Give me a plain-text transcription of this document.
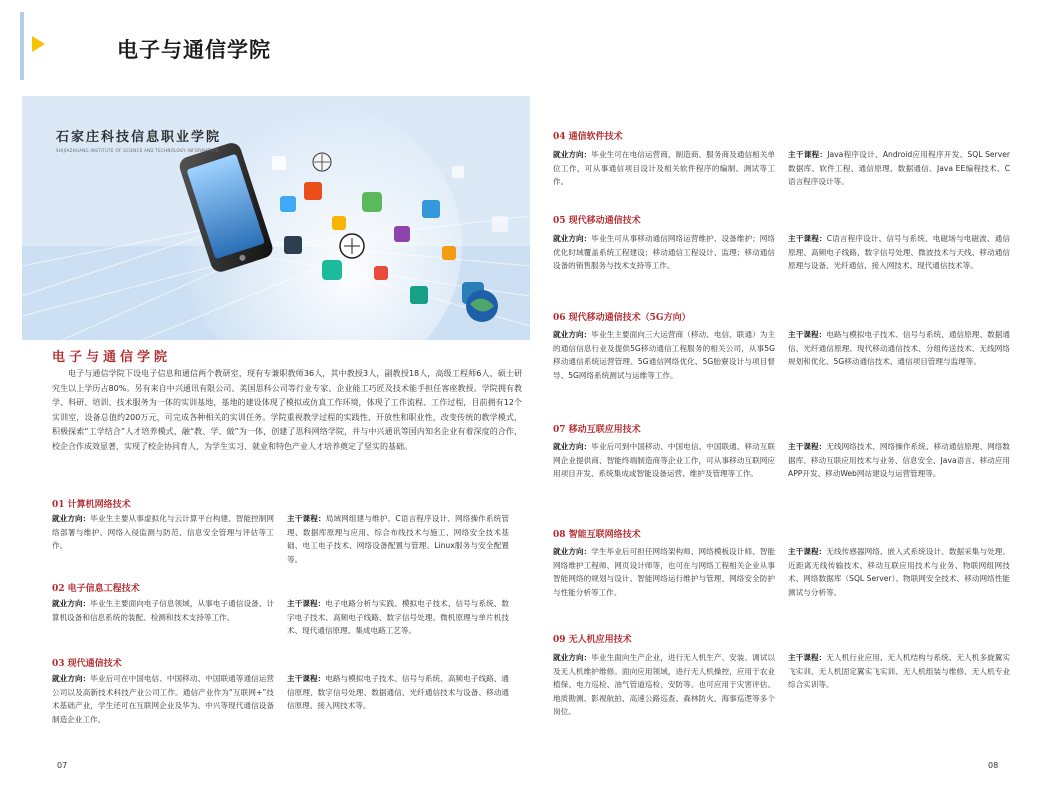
电子与通信学院
石家庄科技信息职业学院
SHIJIAZHUANG INSTITUTE OF SCIENCE AND TECHNOLOGY INFORMATION
电子与通信学院

电子与通信学院下设电子信息和通信两个教研室，现有专兼职教师36人，其中教授3人，副教授18人，高级工程师6人，硕士研究生以上学历占80%。另有来自中兴通讯有限公司、美国思科公司等行业专家、企业能工巧匠及技术能手担任客座教授。学院拥有教学、科研、培训、技术服务为一体的实训基地，基地的建设体现了模拟或仿真工作环境，体现了工作流程、工作过程，目前拥有12个实训室，设备总值约200万元，可完成各种相关的实训任务。学院重视教学过程的实践性、开放性和职业性，改变传统的教学模式，积极探索“工学结合”人才培养模式，融“教、学、做”为一体，创建了思科网络学院，并与中兴通讯等国内知名企业有着深度的合作，校企合作成效显著，实现了校企协同育人，为学生实习、就业和特色产业人才培养奠定了坚实的基础。

01 计算机网络技术
就业方向：毕业生主要从事虚拟化与云计算平台构建、智能控制网络部署与维护、网络入侵监测与防范、信息安全管理与评估等工作。
主干课程：局域网组建与维护、C语言程序设计、网络操作系统管理、数据库原理与应用、综合布线技术与施工、网络安全技术基础、电工电子技术、网络设备配置与管理、Linux服务与安全配置等。
02 电子信息工程技术
就业方向：毕业生主要面向电子信息领域，从事电子通信设备、计算机设备和信息系统的装配、检测和技术支持等工作。
主干课程：电子电路分析与实践、模拟电子技术、信号与系统、数字电子技术、高频电子线路、数字信号处理、微机原理与单片机技术、现代通信原理、集成电路工艺等。
03 现代通信技术
就业方向：毕业后可在中国电信、中国移动、中国联通等通信运营公司以及高新技术科技产业公司工作。通信产业作为“互联网+”技术基础产业，学生还可在互联网企业及华为、中兴等现代通信设备制造企业工作。
主干课程：电路与模拟电子技术、信号与系统、高频电子线路、通信原理、数字信号处理、数据通信、光纤通信技术与设备、移动通信原理、接入网技术等。
04 通信软件技术
就业方向：毕业生可在电信运营商、制造商、服务商及通信相关单位工作，可从事通信项目设计及相关软件程序的编制、测试等工作。
主干课程：Java程序设计、Android应用程序开发、SQL Server数据库、软件工程、通信原理、数据通信、Java EE编程技术、C语言程序设计等。
05 现代移动通信技术
就业方向：毕业生可从事移动通信网络运营维护、设备维护；网络优化时域覆盖系统工程建设；移动通信工程设计、监理；移动通信设备的销售服务与技术支持等工作。
主干课程：C语言程序设计、信号与系统、电磁场与电磁波、通信原理、高频电子线路、数字信号处理、微波技术与天线、移动通信原理与设备、光纤通信、接入网技术、现代通信技术等。
06 现代移动通信技术（5G方向）
就业方向：毕业生主要面向三大运营商（移动、电信、联通）为主的通信信息行业及提供5G移动通信工程服务的相关公司，从事5G移动通信系统运营管理、5G通信网络优化、5G胎寮设计与项目督导、5G网络系统测试与运维等工作。
主干课程：电路与模拟电子技术、信号与系统、通信原理、数据通信、光纤通信原理、现代移动通信技术、分组传送技术、无线网络规划和优化、5G移动通信技术、通信项目管理与监理等。
07 移动互联应用技术
就业方向：毕业后可到中国移动、中国电信、中国联通、移动互联网企业提供商、智能终端制造商等企业工作，可从事移动互联网应用项目开发、系统集成或智能设备运营、维护及管理等工作。
主干课程：无线网络技术、网络操作系统、移动通信原理、网络数据库、移动互联应用技术与业务、信息安全、Java语言、移动应用APP开发、移动Web网站建设与运营管理等。
08 智能互联网络技术
就业方向：学生毕业后可担任网络架构师、网络模板设计师、智能网络维护工程师、网页设计师等，也可在与网络工程相关企业从事智能网络的规划与设计、智能网络运行维护与管理、网络安全防护与性能分析等工作。
主干课程：无线传感器网络、嵌入式系统设计、数据采集与处理、近距离无线传输技术、移动互联应用技术与业务、物联网组网技术、网络数据库（SQL Server）、物联网安全技术、移动网络性能测试与分析等。
09 无人机应用技术
就业方向：毕业生面向生产企业，进行无人机生产、安装、调试以及无人机维护维修。面向应用领域，进行无人机操控，应用于农业植保、电力巡检、油气管道巡检、安防等。也可应用于灾害评估、地质勘测、影视航拍、高速公路巡查、森林防火、海事巡逻等多个岗位。
主干课程：无人机行业应用、无人机结构与系统、无人机多旋翼实飞实训、无人机固定翼实飞实训、无人机组装与维修、无人机专业综合实训等。
07	08
